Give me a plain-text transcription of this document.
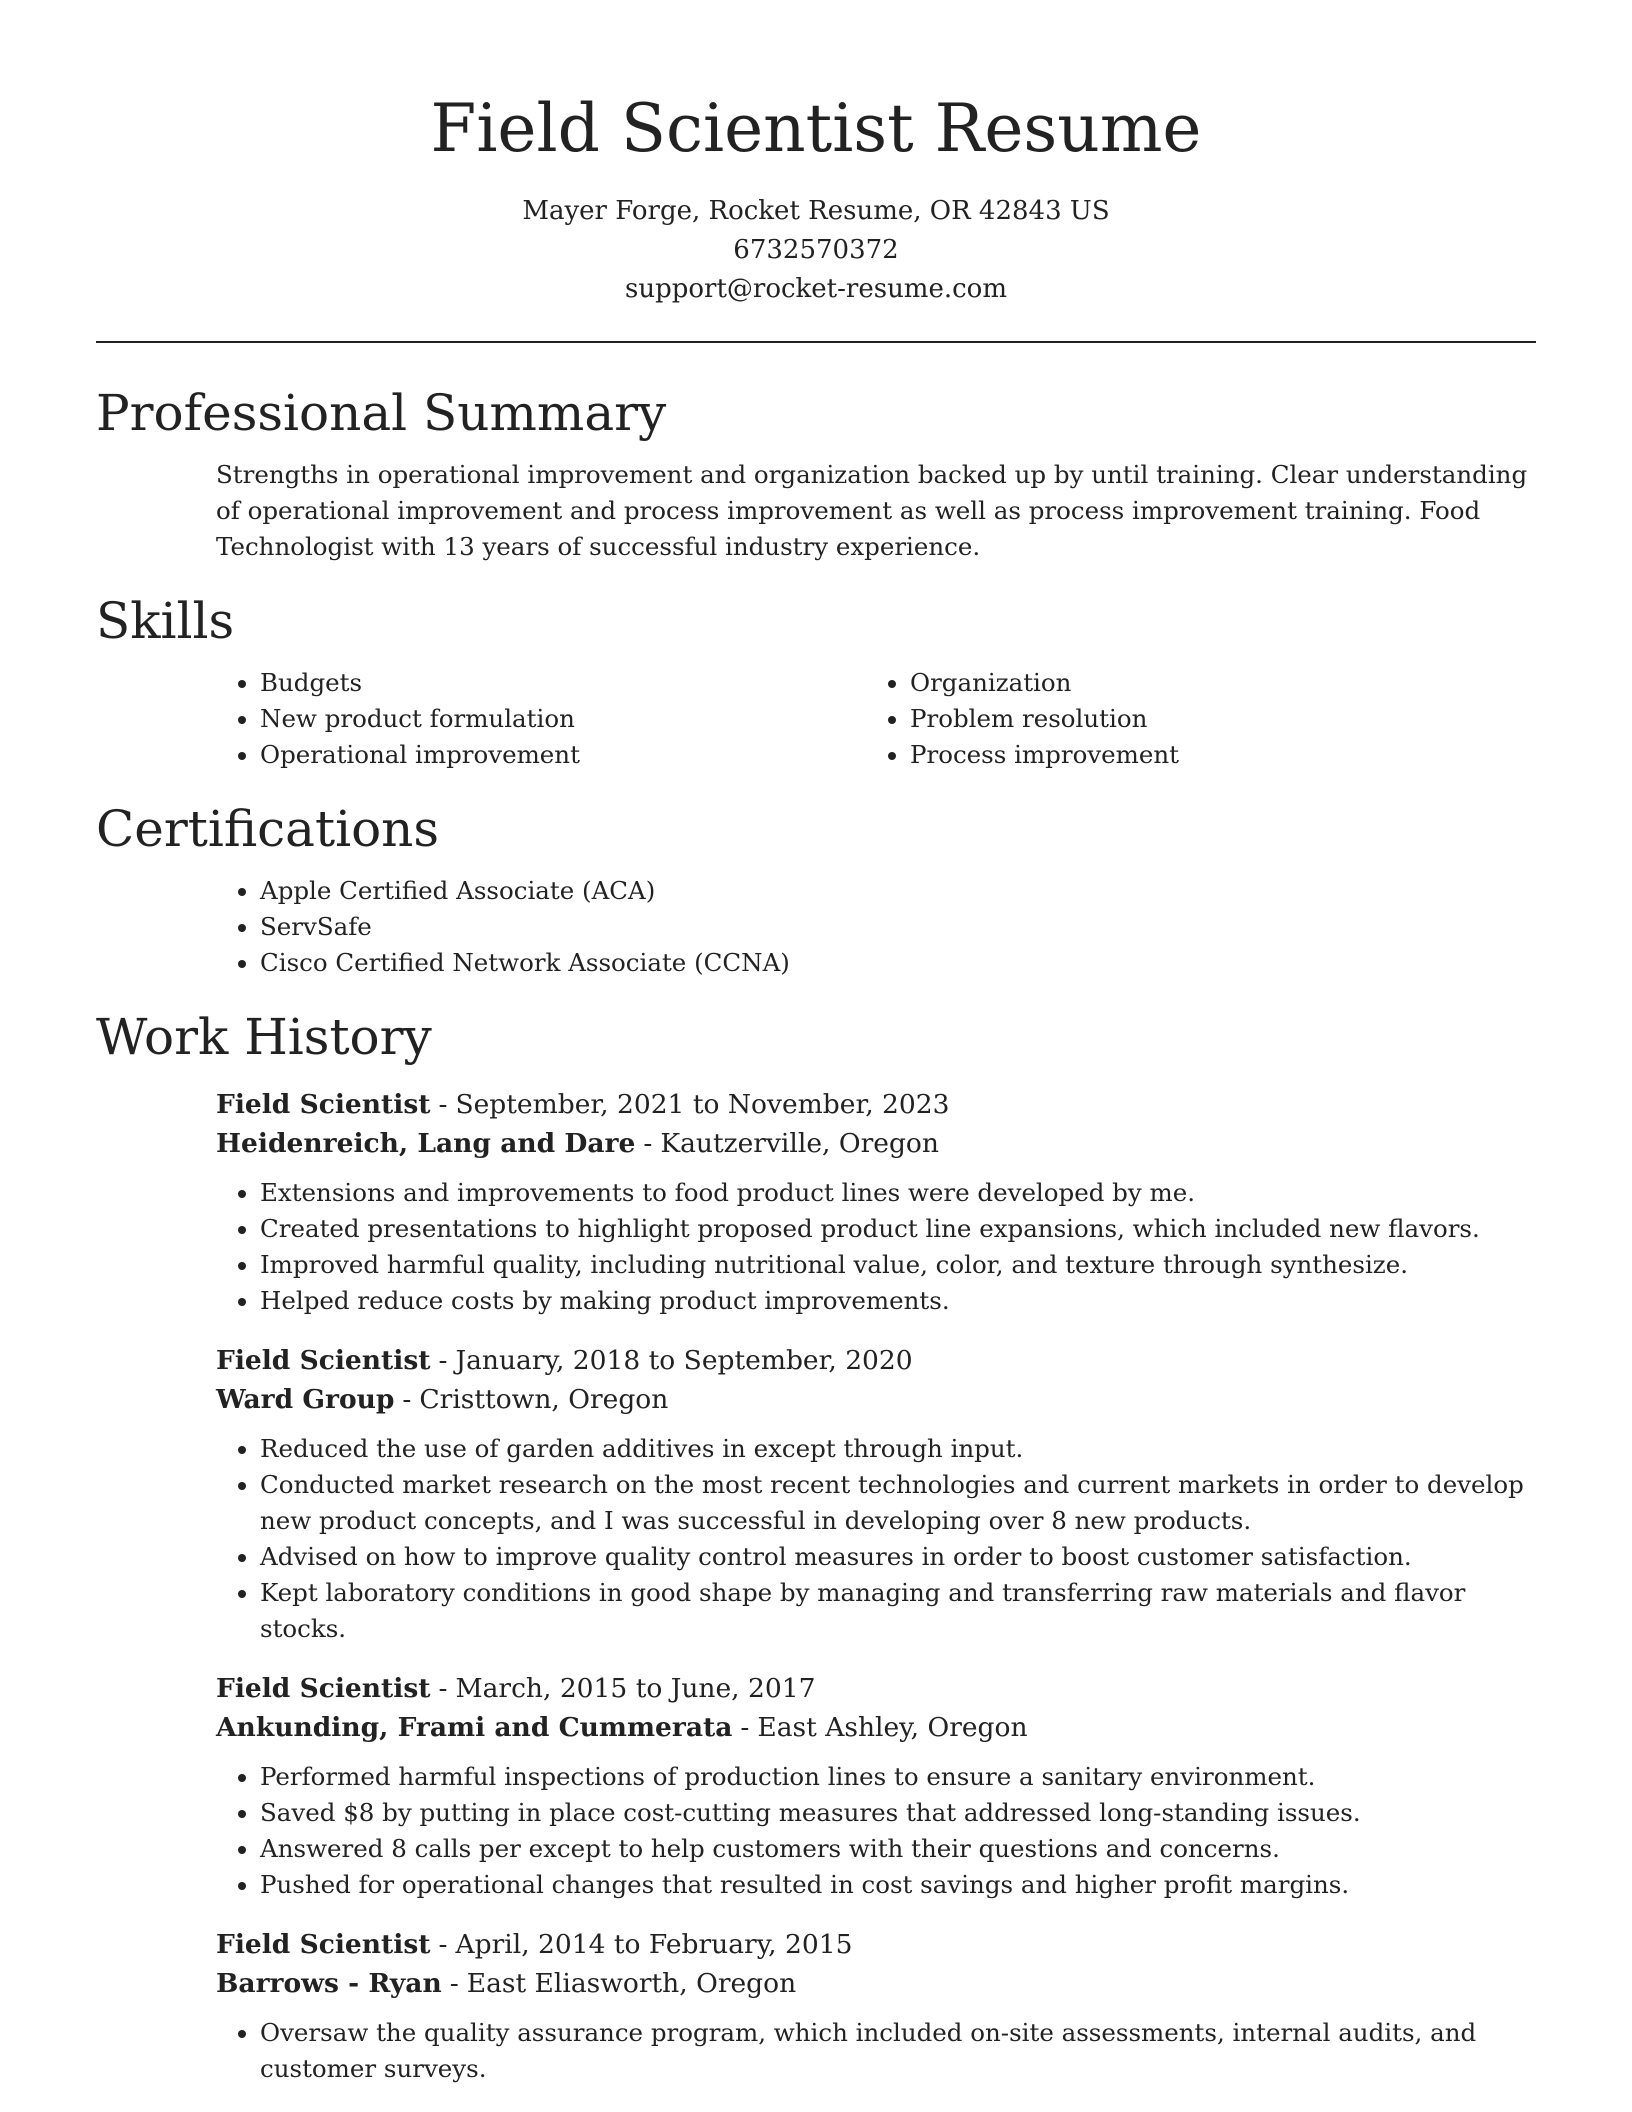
Field Scientist Resume
Mayer Forge, Rocket Resume, OR 42843 US
6732570372
support@rocket-resume.com
Professional Summary
Strengths in operational improvement and organization backed up by until training. Clear understanding of operational improvement and process improvement as well as process improvement training. Food Technologist with 13 years of successful industry experience.
Skills
• Budgets
• New product formulation
• Operational improvement
• Organization
• Problem resolution
• Process improvement
Certifications
• Apple Certified Associate (ACA)
• ServSafe
• Cisco Certified Network Associate (CCNA)
Work History
Field Scientist - September, 2021 to November, 2023
Heidenreich, Lang and Dare - Kautzerville, Oregon
• Extensions and improvements to food product lines were developed by me.
• Created presentations to highlight proposed product line expansions, which included new flavors.
• Improved harmful quality, including nutritional value, color, and texture through synthesize.
• Helped reduce costs by making product improvements.
Field Scientist - January, 2018 to September, 2020
Ward Group - Cristtown, Oregon
• Reduced the use of garden additives in except through input.
• Conducted market research on the most recent technologies and current markets in order to develop new product concepts, and I was successful in developing over 8 new products.
• Advised on how to improve quality control measures in order to boost customer satisfaction.
• Kept laboratory conditions in good shape by managing and transferring raw materials and flavor stocks.
Field Scientist - March, 2015 to June, 2017
Ankunding, Frami and Cummerata - East Ashley, Oregon
• Performed harmful inspections of production lines to ensure a sanitary environment.
• Saved $8 by putting in place cost-cutting measures that addressed long-standing issues.
• Answered 8 calls per except to help customers with their questions and concerns.
• Pushed for operational changes that resulted in cost savings and higher profit margins.
Field Scientist - April, 2014 to February, 2015
Barrows - Ryan - East Eliasworth, Oregon
• Oversaw the quality assurance program, which included on-site assessments, internal audits, and customer surveys.
